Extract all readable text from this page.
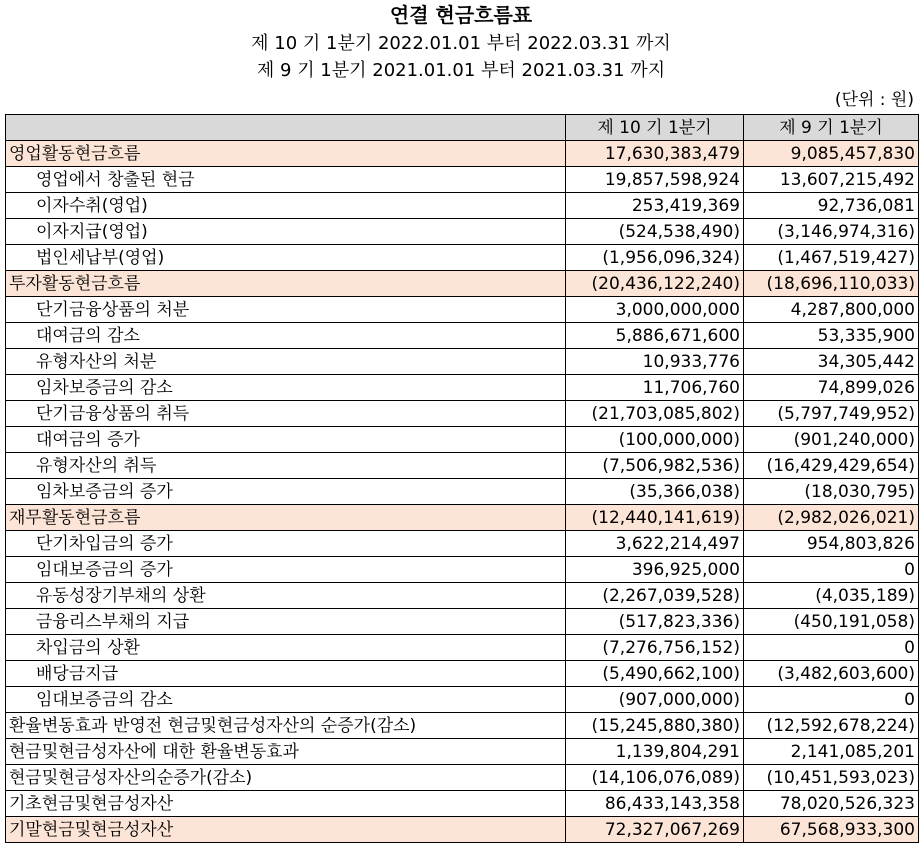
연결 현금흐름표
제 10 기 1분기 2022.01.01 부터 2022.03.31 까지
제 9 기 1분기 2021.01.01 부터 2021.03.31 까지
(단위 : 원)
	제 10 기 1분기	제 9 기 1분기
영업활동현금흐름	17,630,383,479	9,085,457,830
영업에서 창출된 현금	19,857,598,924	13,607,215,492
이자수취(영업)	253,419,369	92,736,081
이자지급(영업)	(524,538,490)	(3,146,974,316)
법인세납부(영업)	(1,956,096,324)	(1,467,519,427)
투자활동현금흐름	(20,436,122,240)	(18,696,110,033)
단기금융상품의 처분	3,000,000,000	4,287,800,000
대여금의 감소	5,886,671,600	53,335,900
유형자산의 처분	10,933,776	34,305,442
임차보증금의 감소	11,706,760	74,899,026
단기금융상품의 취득	(21,703,085,802)	(5,797,749,952)
대여금의 증가	(100,000,000)	(901,240,000)
유형자산의 취득	(7,506,982,536)	(16,429,429,654)
임차보증금의 증가	(35,366,038)	(18,030,795)
재무활동현금흐름	(12,440,141,619)	(2,982,026,021)
단기차입금의 증가	3,622,214,497	954,803,826
임대보증금의 증가	396,925,000	0
유동성장기부채의 상환	(2,267,039,528)	(4,035,189)
금융리스부채의 지급	(517,823,336)	(450,191,058)
차입금의 상환	(7,276,756,152)	0
배당금지급	(5,490,662,100)	(3,482,603,600)
임대보증금의 감소	(907,000,000)	0
환율변동효과 반영전 현금및현금성자산의 순증가(감소)	(15,245,880,380)	(12,592,678,224)
현금및현금성자산에 대한 환율변동효과	1,139,804,291	2,141,085,201
현금및현금성자산의순증가(감소)	(14,106,076,089)	(10,451,593,023)
기초현금및현금성자산	86,433,143,358	78,020,526,323
기말현금및현금성자산	72,327,067,269	67,568,933,300
